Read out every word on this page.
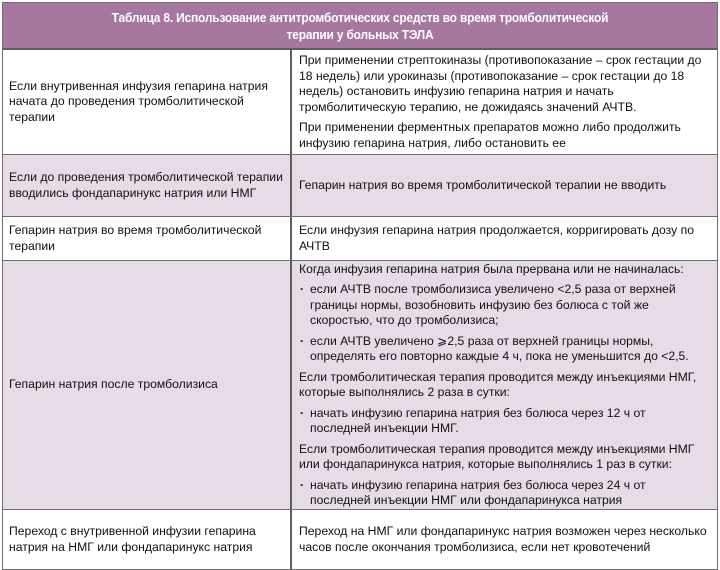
Таблица 8. Использование антитромботических средств во время тромболитической терапии у больных ТЭЛА
Если внутривенная инфузия гепарина натрия начата до проведения тромболитической терапии

При применении стрептокиназы (противопоказание – срок гестации до 18 недель) или урокиназы (противопоказание – срок гестации до 18 недель) остановить инфузию гепарина натрия и начать тромболитическую терапию, не дожидаясь значений АЧТВ.

При применении ферментных препаратов можно либо продолжить инфузию гепарина натрия, либо остановить ее

Если до проведения тромболитической терапии вводились фондапаринукс натрия или НМГ

Гепарин натрия во время тромболитической терапии не вводить

Гепарин натрия во время тромболитической терапии

Если инфузия гепарина натрия продолжается, корригировать дозу по АЧТВ

Гепарин натрия после тромболизиса

Когда инфузия гепарина натрия была прервана или не начиналась:

· если АЧТВ после тромболизиса увеличено <2,5 раза от верхней границы нормы, возобновить инфузию без болюса с той же скоростью, что до тромболизиса;
· если АЧТВ увеличено ⩾2,5 раза от верхней границы нормы, определять его повторно каждые 4 ч, пока не уменьшится до <2,5.

Если тромболитическая терапия проводится между инъекциями НМГ, которые выполнялись 2 раза в сутки:

· начать инфузию гепарина натрия без болюса через 12 ч от последней инъекции НМГ.

Если тромболитическая терапия проводится между инъекциями НМГ или фондапаринукса натрия, которые выполнялись 1 раз в сутки:

· начать инфузию гепарина натрия без болюса через 24 ч от последней инъекции НМГ или фондапаринукса натрия
Переход с внутривенной инфузии гепарина натрия на НМГ или фондапаринукс натрия

Переход на НМГ или фондапаринукс натрия возможен через несколько часов после окончания тромболизиса, если нет кровотечений
